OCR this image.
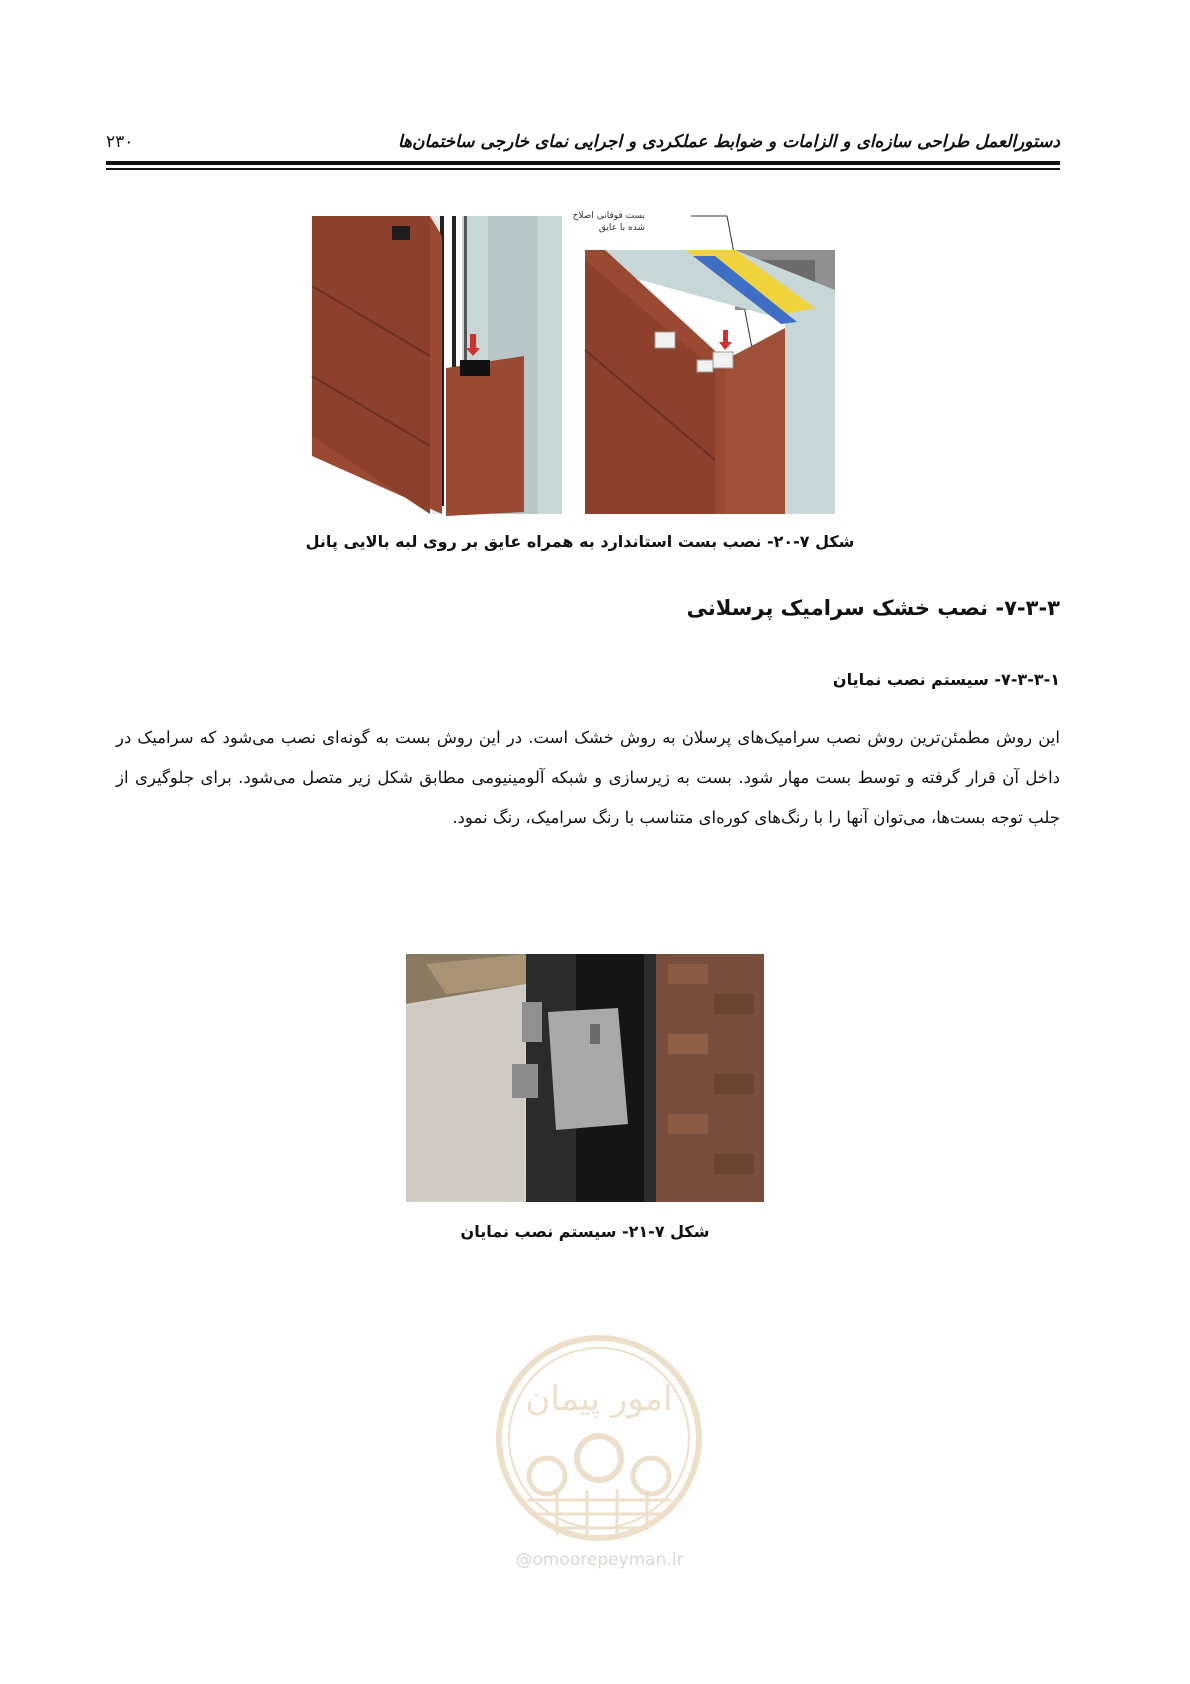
دستورالعمل طراحی سازه‌ای و الزامات و ضوابط عملکردی و اجرایی نمای خارجی ساختمان‌ها
۲۳۰
بست فوقانی اصلاح
شده با عایق
شکل ۷-۲۰- نصب بست استاندارد به همراه عایق بر روی لبه بالایی پانل
۷-۳-۳- نصب خشک سرامیک پرسلانی
۷-۳-۳-۱- سیستم نصب نمایان
این روش مطمئن‌ترین روش نصب سرامیک‌های پرسلان به روش خشک است. در این روش بست به گونه‌ای نصب می‌شود که سرامیک در داخل آن قرار گرفته و توسط بست مهار شود. بست به زیرسازی و شبکه آلومینیومی مطابق شکل زیر متصل می‌شود. برای جلوگیری از جلب توجه بست‌ها، می‌توان آنها را با رنگ‌های کوره‌ای متناسب با رنگ سرامیک، رنگ نمود.
شکل ۷-۲۱- سیستم نصب نمایان
امور پیمان
@omoorepeyman.ir
